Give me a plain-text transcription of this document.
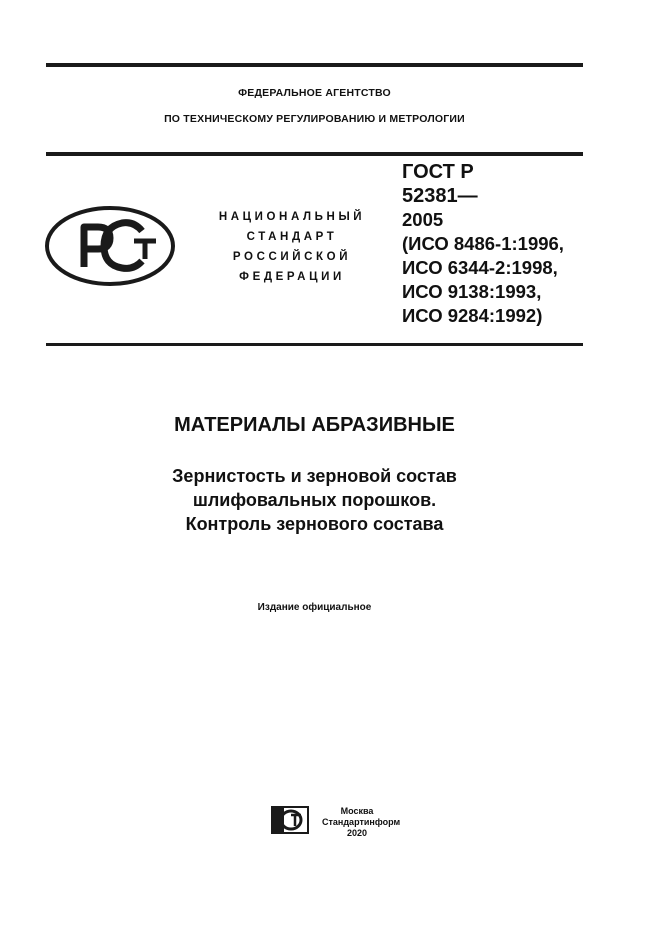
ФЕДЕРАЛЬНОЕ АГЕНТСТВО
ПО ТЕХНИЧЕСКОМУ РЕГУЛИРОВАНИЮ И МЕТРОЛОГИИ
РСТ
НАЦИОНАЛЬНЫЙ
СТАНДАРТ
РОССИЙСКОЙ
ФЕДЕРАЦИИ
ГОСТ Р
52381—
2005
(ИСО 8486-1:1996,
ИСО 6344-2:1998,
ИСО 9138:1993,
ИСО 9284:1992)
МАТЕРИАЛЫ АБРАЗИВНЫЕ
Зернистость и зерновой состав
шлифовальных порошков.
Контроль зернового состава
Издание официальное
Москва
Стандартинформ
2020
